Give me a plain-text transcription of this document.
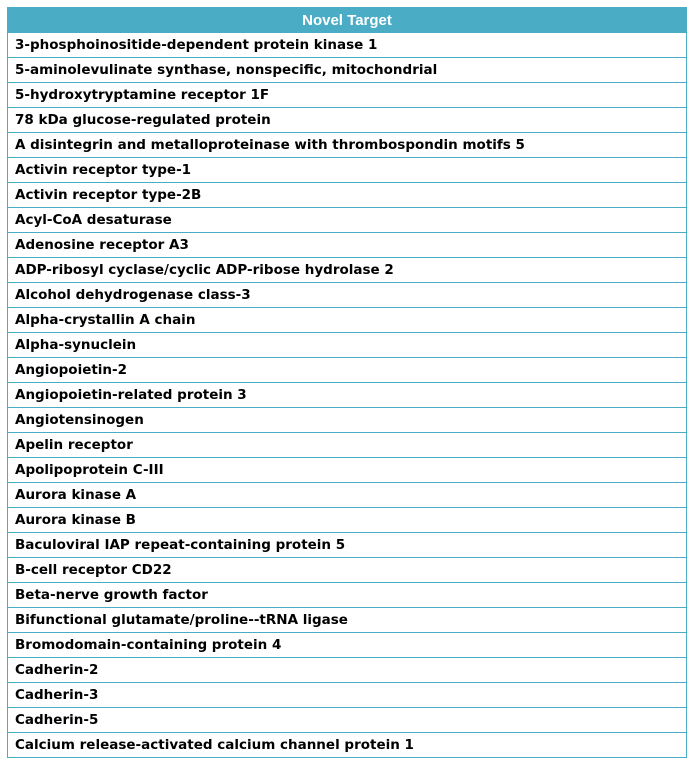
Novel Target
3-phosphoinositide-dependent protein kinase 1
5-aminolevulinate synthase, nonspecific, mitochondrial
5-hydroxytryptamine receptor 1F
78 kDa glucose-regulated protein
A disintegrin and metalloproteinase with thrombospondin motifs 5
Activin receptor type-1
Activin receptor type-2B
Acyl-CoA desaturase
Adenosine receptor A3
ADP-ribosyl cyclase/cyclic ADP-ribose hydrolase 2
Alcohol dehydrogenase class-3
Alpha-crystallin A chain
Alpha-synuclein
Angiopoietin-2
Angiopoietin-related protein 3
Angiotensinogen
Apelin receptor
Apolipoprotein C-III
Aurora kinase A
Aurora kinase B
Baculoviral IAP repeat-containing protein 5
B-cell receptor CD22
Beta-nerve growth factor
Bifunctional glutamate/proline--tRNA ligase
Bromodomain-containing protein 4
Cadherin-2
Cadherin-3
Cadherin-5
Calcium release-activated calcium channel protein 1
